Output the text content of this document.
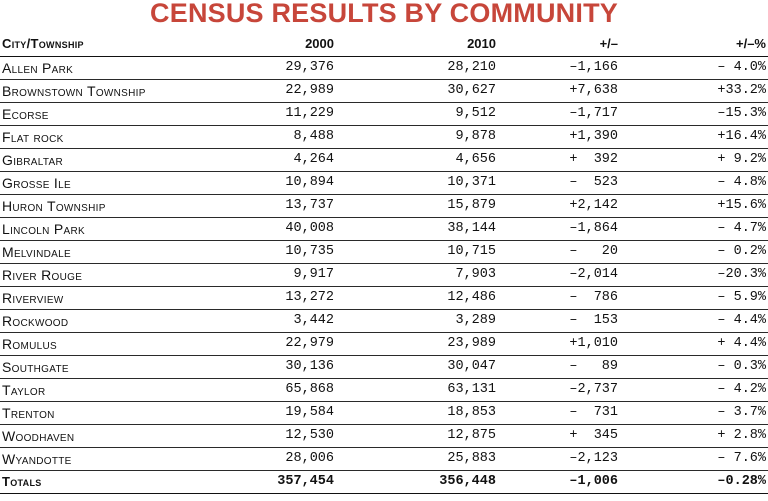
CENSUS RESULTS BY COMMUNITY
City/Township	2000	2010	+/–	+/–%
Allen Park	29,376	28,210	–1,166	– 4.0%
Brownstown Township	22,989	30,627	+7,638	+33.2%
Ecorse	11,229	9,512	–1,717	–15.3%
Flat rock	8,488	9,878	+1,390	+16.4%
Gibraltar	4,264	4,656	+  392	+ 9.2%
Grosse Ile	10,894	10,371	–  523	– 4.8%
Huron Township	13,737	15,879	+2,142	+15.6%
Lincoln Park	40,008	38,144	–1,864	– 4.7%
Melvindale	10,735	10,715	–   20	– 0.2%
River Rouge	9,917	7,903	–2,014	–20.3%
Riverview	13,272	12,486	–  786	– 5.9%
Rockwood	3,442	3,289	–  153	– 4.4%
Romulus	22,979	23,989	+1,010	+ 4.4%
Southgate	30,136	30,047	–   89	– 0.3%
Taylor	65,868	63,131	–2,737	– 4.2%
Trenton	19,584	18,853	–  731	– 3.7%
Woodhaven	12,530	12,875	+  345	+ 2.8%
Wyandotte	28,006	25,883	–2,123	– 7.6%
Totals	357,454	356,448	–1,006	–0.28%
